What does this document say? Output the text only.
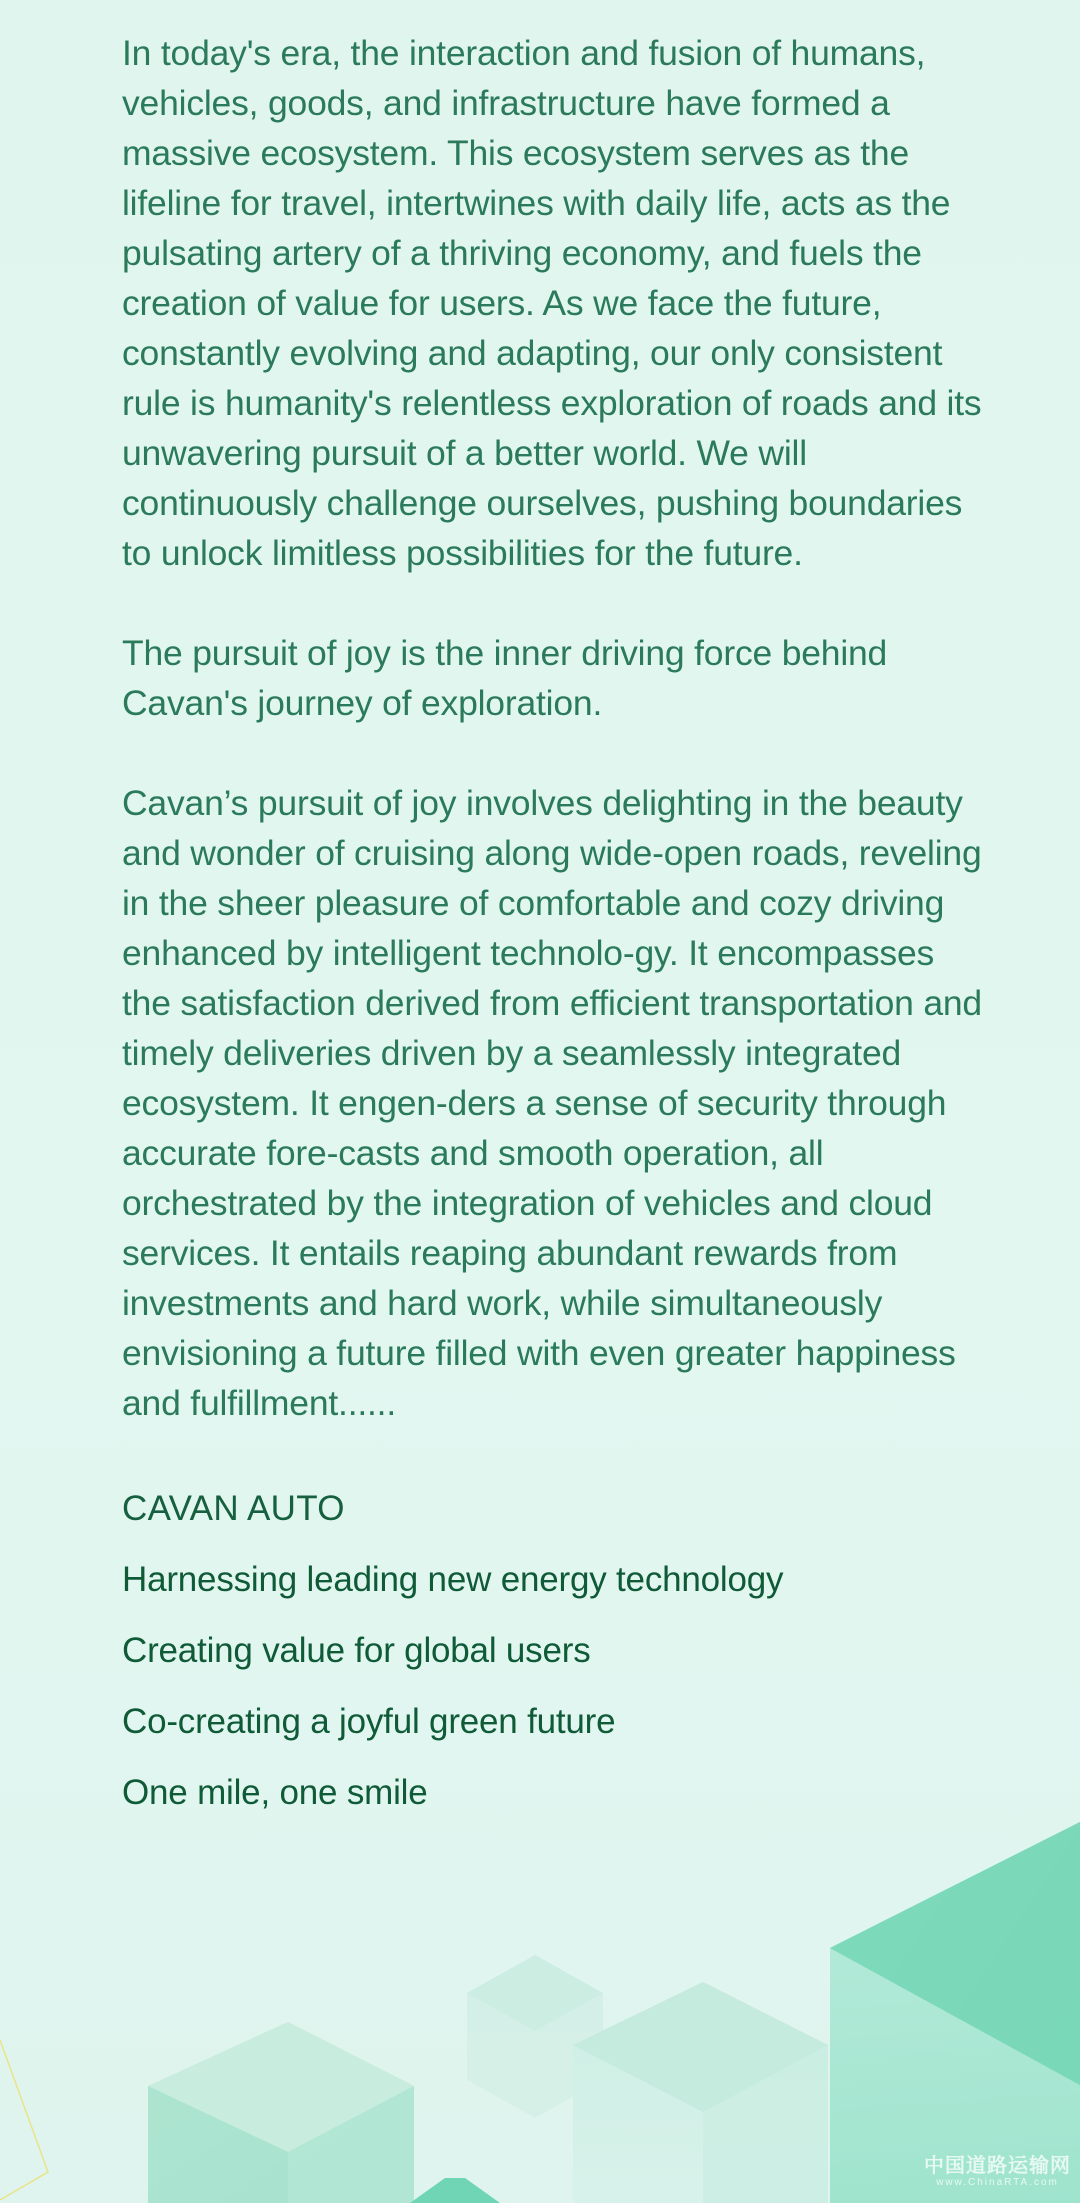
In today's era, the interaction and fusion of humans, vehicles, goods, and infrastructure have formed a massive ecosystem. This ecosystem serves as the lifeline for travel, intertwines with daily life, acts as the pulsating artery of a thriving economy, and fuels the creation of value for users. As we face the future, constantly evolving and adapting, our only consistent rule is humanity's relentless exploration of roads and its unwavering pursuit of a better world. We will continuously challenge ourselves, pushing boundaries to unlock limitless possibilities for the future.

The pursuit of joy is the inner driving force behind Cavan's journey of exploration.

Cavan’s pursuit of joy involves delighting in the beauty and wonder of cruising along wide-open roads, reveling in the sheer pleasure of comfortable and cozy driving enhanced by intelligent technolo-gy. It encompasses the satisfaction derived from efficient transportation and timely deliveries driven by a seamlessly integrated ecosystem. It engen-ders a sense of security through accurate fore-casts and smooth operation, all orchestrated by the integration of vehicles and cloud services. It entails reaping abundant rewards from investments and hard work, while simultaneously envisioning a future filled with even greater happiness and fulfillment......

CAVAN AUTO

Harnessing leading new energy technology

Creating value for global users

Co-creating a joyful green future

One mile, one smile

中国道路运输网
www.ChinaRTA.com
